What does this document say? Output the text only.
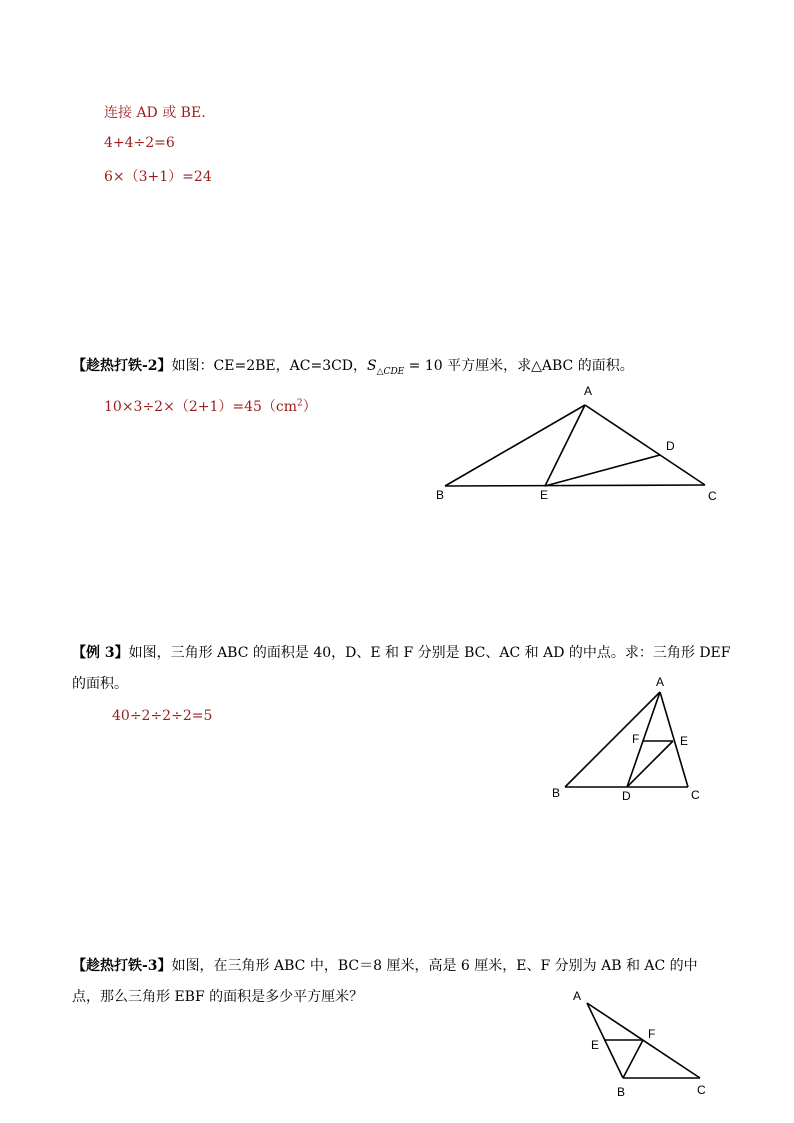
连接 AD 或 BE.
4+4÷2=6
6×（3+1）=24
【趁热打铁-2】如图：CE=2BE，AC=3CD，$S_{\triangle CDE} = 10$ 平方厘米，求△ABC 的面积。
$10\times 3\div 2\times(2+1)=45(cm^2)$
A
B	C
D
E
【例 3】如图，三角形 ABC 的面积是 40，D、E 和 F 分别是 BC、AC 和 AD 的中点。求：三角形 DEF
的面积。
40÷2÷2÷2=5
A
B	C
D
E
F
【趁热打铁-3】如图，在三角形 ABC 中，BC＝8 厘米，高是 6 厘米，E、F 分别为 AB 和 AC 的中
点，那么三角形 EBF 的面积是多少平方厘米？	A
B	C
E
F
